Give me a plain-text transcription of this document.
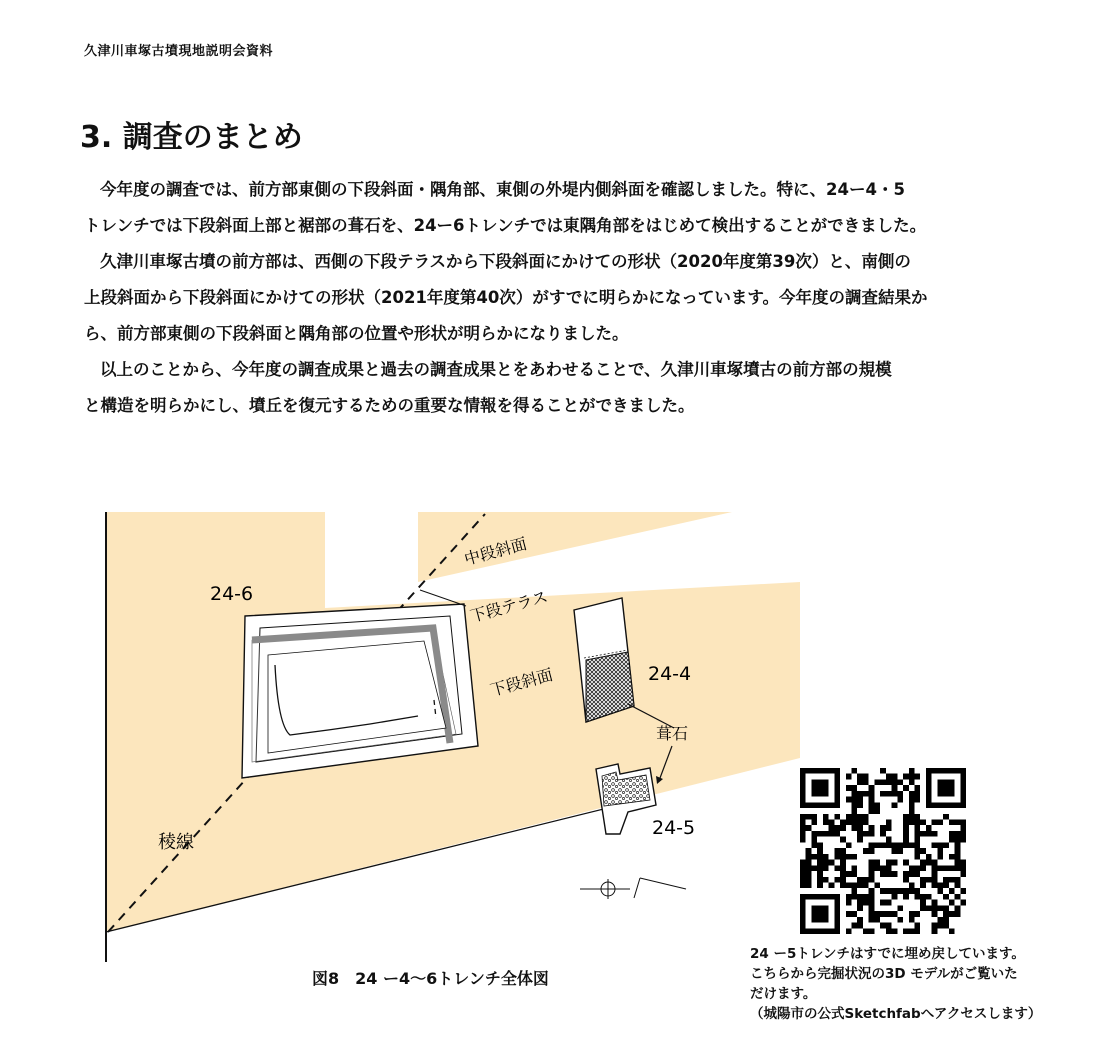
久津川車塚古墳現地説明会資料
3. 調査のまとめ
今年度の調査では、前方部東側の下段斜面・隅角部、東側の外堤内側斜面を確認しました。特に、24ー4・5
トレンチでは下段斜面上部と裾部の葺石を、24ー6トレンチでは東隅角部をはじめて検出することができました。
久津川車塚古墳の前方部は、西側の下段テラスから下段斜面にかけての形状（2020年度第39次）と、南側の
上段斜面から下段斜面にかけての形状（2021年度第40次）がすでに明らかになっています。今年度の調査結果か
ら、前方部東側の下段斜面と隅角部の位置や形状が明らかになりました。
以上のことから、今年度の調査成果と過去の調査成果とをあわせることで、久津川車塚墳古の前方部の規模
と構造を明らかにし、墳丘を復元するための重要な情報を得ることができました。
中段斜面
下段テラス
下段斜面
稜線
葺石
24-6
24-4
24-5
図8　24 ー4～6トレンチ全体図
24 ー5トレンチはすでに埋め戻しています。
こちらから完掘状況の3D モデルがご覧いた
だけます。
（城陽市の公式Sketchfabへアクセスします）
